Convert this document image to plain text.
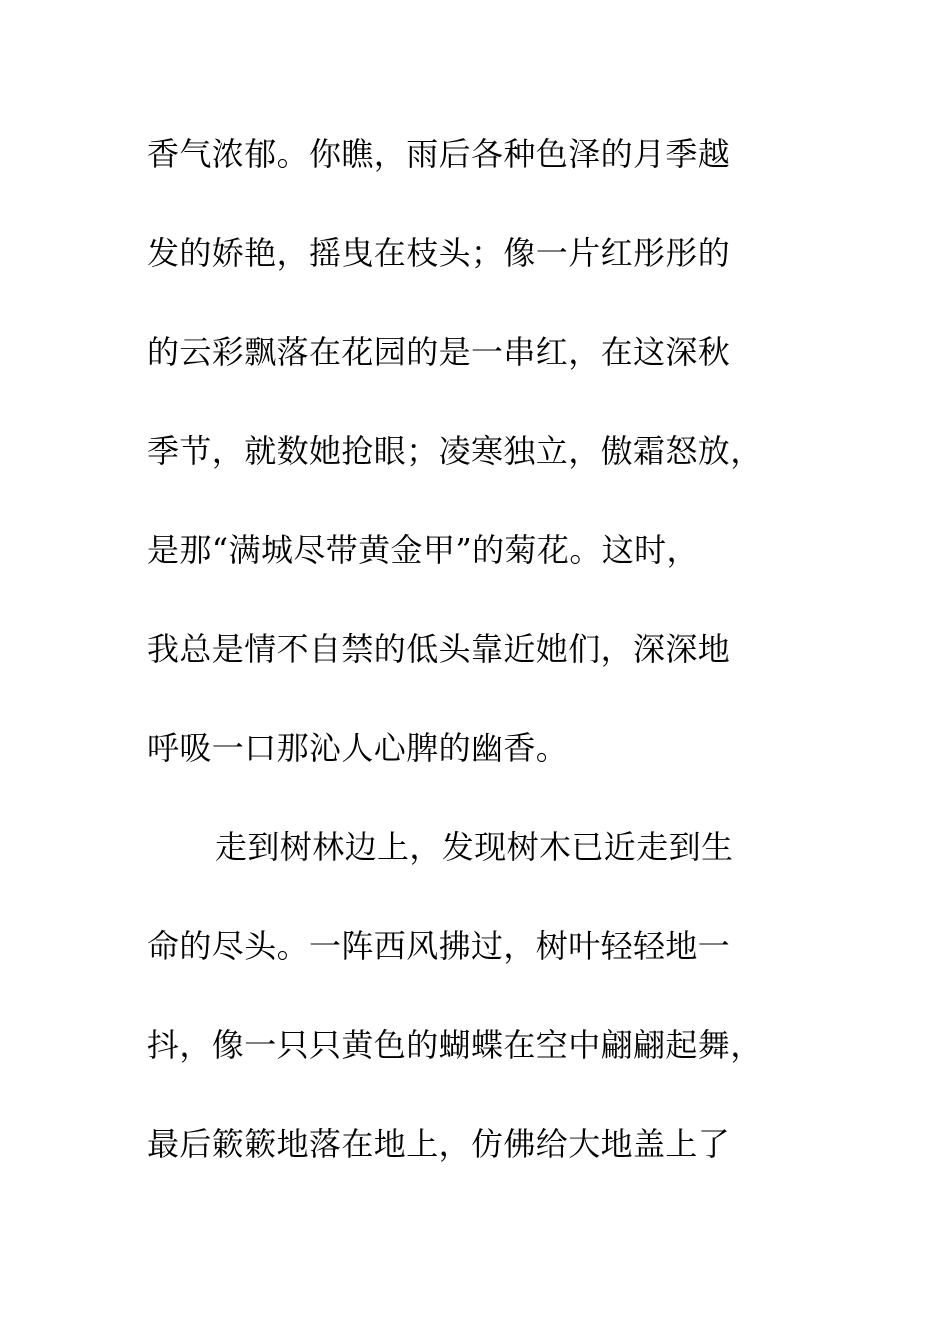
香气浓郁。你瞧，雨后各种色泽的月季越
发的娇艳，摇曳在枝头；像一片红彤彤的
的云彩飘落在花园的是一串红，在这深秋
季节，就数她抢眼；凌寒独立，傲霜怒放，
是那“满城尽带黄金甲”的菊花。这时，
我总是情不自禁的低头靠近她们，深深地
呼吸一口那沁人心脾的幽香。
走到树林边上，发现树木已近走到生
命的尽头。一阵西风拂过，树叶轻轻地一
抖，像一只只黄色的蝴蝶在空中翩翩起舞，
最后簌簌地落在地上，仿佛给大地盖上了
